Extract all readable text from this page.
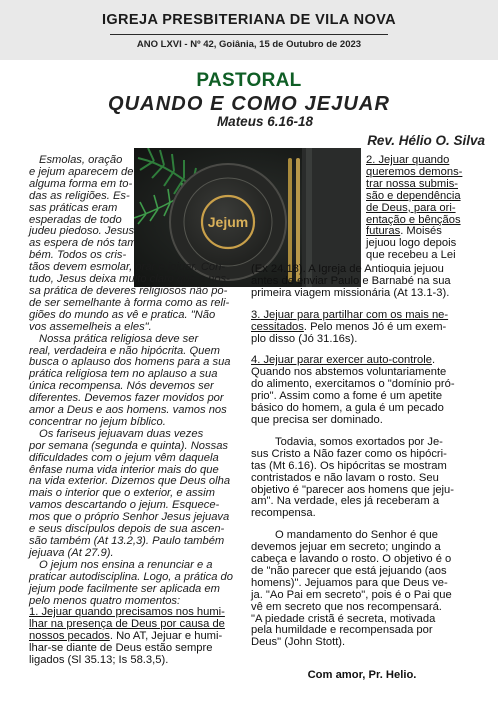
IGREJA PRESBITERIANA DE VILA NOVA
ANO LXVI - Nº 42, Goiânia, 15 de Outubro de 2023
PASTORAL
QUANDO E COMO JEJUAR
Mateus 6.16-18
Rev. Hélio O. Silva
Jejum

Esmolas, oração
e jejum aparecem de
alguma forma em to-
das as religiões. Es-
sas práticas eram
esperadas de todo
judeu piedoso. Jesus
as espera de nós tam-
bém. Todos os cris-
tãos devem esmolar, orar e jejuar. Con-
tudo, Jesus deixa muito claro que a nos-
sa prática de deveres religiosos não po-
de ser semelhante à forma como as reli-
giões do mundo as vê e pratica. "Não
vos assemelheis a eles".
Nossa prática religiosa deve ser
real, verdadeira e não hipócrita. Quem
busca o aplauso dos homens para a sua
prática religiosa tem no aplauso a sua
única recompensa. Nós devemos ser
diferentes. Devemos fazer movidos por
amor a Deus e aos homens. vamos nos
concentrar no jejum bíblico.
Os fariseus jejuavam duas vezes
por semana (segunda e quinta). Nossas
dificuldades com o jejum vêm daquela
ênfase numa vida interior mais do que
na vida exterior. Dizemos que Deus olha
mais o interior que o exterior, e assim
vamos descartando o jejum. Esquece-
mos que o próprio Senhor Jesus jejuava
e seus discípulos depois de sua ascen-
são também (At 13.2,3). Paulo também
jejuava (At 27.9).
O jejum nos ensina a renunciar e a
praticar autodisciplina. Logo, a prática do
jejum pode facilmente ser aplicada em
pelo menos quatro momentos:

1. Jejuar quando precisamos nos humi-
lhar na presença de Deus por causa de
nossos pecados. No AT, Jejuar e humi-
lhar-se diante de Deus estão sempre
ligados (Sl 35.13; Is 58.3,5).

2. Jejuar quando
queremos demons-
trar nossa submis-
são e dependência
de Deus, para ori-
entação e bênçãos
futuras. Moisés
jejuou logo depois
que recebeu a Lei
(Ex 24.18). A Igreja de Antioquia jejuou
antes de enviar Paulo e Barnabé na sua
primeira viagem missionária (At 13.1-3).
3. Jejuar para partilhar com os mais ne-
cessitados. Pelo menos Jó é um exem-
plo disso (Jó 31.16s).
4. Jejuar parar exercer auto-controle.
Quando nos abstemos voluntariamente
do alimento, exercitamos o "domínio pró-
prio". Assim como a fome é um apetite
básico do homem, a gula é um pecado
que precisa ser dominado.
Todavia, somos exortados por Je-
sus Cristo a Não fazer como os hipócri-
tas (Mt 6.16). Os hipócritas se mostram
contristados e não lavam o rosto. Seu
objetivo é "parecer aos homens que jeju-
am". Na verdade, eles já receberam a
recompensa.
O mandamento do Senhor é que
devemos jejuar em secreto; ungindo a
cabeça e lavando o rosto. O objetivo é o
de "não parecer que está jejuando (aos
homens)". Jejuamos para que Deus ve-
ja. "Ao Pai em secreto", pois é o Pai que
vê em secreto que nos recompensará.
"A piedade cristã é secreta, motivada
pela humildade e recompensada por
Deus" (John Stott).
Com amor, Pr. Helio.
